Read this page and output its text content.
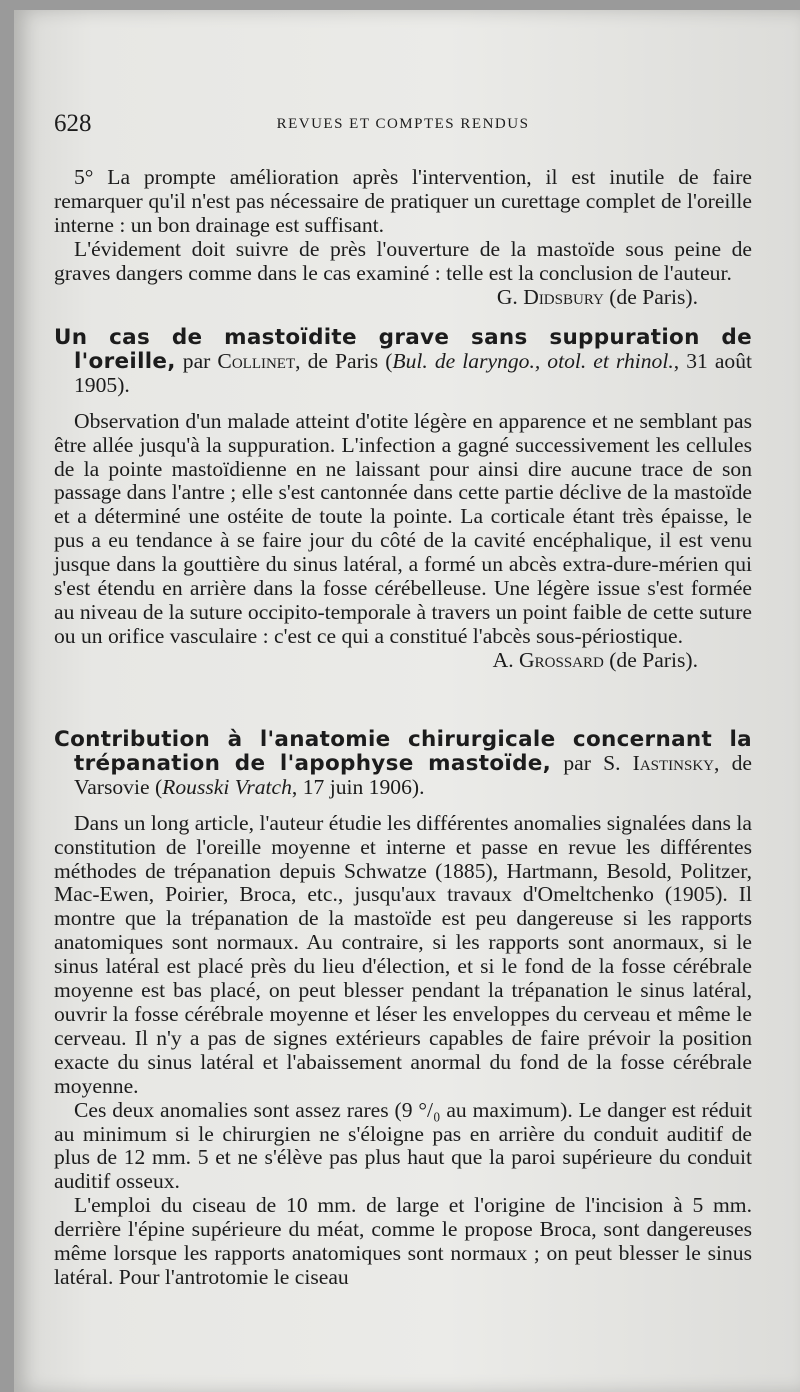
628	REVUES ET COMPTES RENDUS

5° La prompte amélioration après l'intervention, il est inutile de faire remarquer qu'il n'est pas nécessaire de pratiquer un curettage complet de l'oreille interne : un bon drainage est suffisant.

L'évidement doit suivre de près l'ouverture de la mastoïde sous peine de graves dangers comme dans le cas examiné : telle est la conclusion de l'auteur.

G. Didsbury (de Paris).

Un cas de mastoïdite grave sans suppuration de l'oreille, par Collinet, de Paris (Bul. de laryngo., otol. et rhinol., 31 août 1905).

Observation d'un malade atteint d'otite légère en apparence et ne semblant pas être allée jusqu'à la suppuration. L'infection a gagné successivement les cellules de la pointe mastoïdienne en ne laissant pour ainsi dire aucune trace de son passage dans l'antre ; elle s'est cantonnée dans cette partie déclive de la mastoïde et a déterminé une ostéite de toute la pointe. La corticale étant très épaisse, le pus a eu tendance à se faire jour du côté de la cavité encéphalique, il est venu jusque dans la gouttière du sinus latéral, a formé un abcès extra-dure-mérien qui s'est étendu en arrière dans la fosse cérébelleuse. Une légère issue s'est formée au niveau de la suture occipito-temporale à travers un point faible de cette suture ou un orifice vasculaire : c'est ce qui a constitué l'abcès sous-périostique.

A. Grossard (de Paris).

Contribution à l'anatomie chirurgicale concernant la trépanation de l'apophyse mastoïde, par S. Iastinsky, de Varsovie (Rousski Vratch, 17 juin 1906).

Dans un long article, l'auteur étudie les différentes anomalies signalées dans la constitution de l'oreille moyenne et interne et passe en revue les différentes méthodes de trépanation depuis Schwatze (1885), Hartmann, Besold, Politzer, Mac-Ewen, Poirier, Broca, etc., jusqu'aux travaux d'Omeltchenko (1905). Il montre que la trépanation de la mastoïde est peu dangereuse si les rapports anatomiques sont normaux. Au contraire, si les rapports sont anormaux, si le sinus latéral est placé près du lieu d'élection, et si le fond de la fosse cérébrale moyenne est bas placé, on peut blesser pendant la trépanation le sinus latéral, ouvrir la fosse cérébrale moyenne et léser les enveloppes du cerveau et même le cerveau. Il n'y a pas de signes extérieurs capables de faire prévoir la position exacte du sinus latéral et l'abaissement anormal du fond de la fosse cérébrale moyenne.

Ces deux anomalies sont assez rares (9 °/₀ au maximum). Le danger est réduit au minimum si le chirurgien ne s'éloigne pas en arrière du conduit auditif de plus de 12 mm. 5 et ne s'élève pas plus haut que la paroi supérieure du conduit auditif osseux.

L'emploi du ciseau de 10 mm. de large et l'origine de l'incision à 5 mm. derrière l'épine supérieure du méat, comme le propose Broca, sont dangereuses même lorsque les rapports anatomiques sont normaux ; on peut blesser le sinus latéral. Pour l'antrotomie le ciseau
